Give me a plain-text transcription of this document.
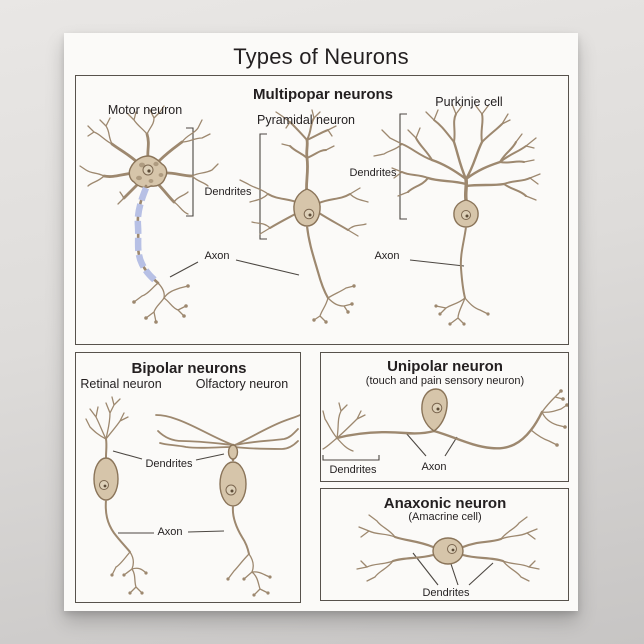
Types of Neurons
Multipopar neurons
Motor neuron
Pyramidal neuron
Purkinje cell
Dendrites
Dendrites
Axon	Axon
Bipolar neurons
Retinal neuron	Olfactory neuron
Dendrites
Axon
Unipolar neuron
(touch and pain sensory neuron)
Dendrites	Axon
Anaxonic neuron
(Amacrine cell)
Dendrites
